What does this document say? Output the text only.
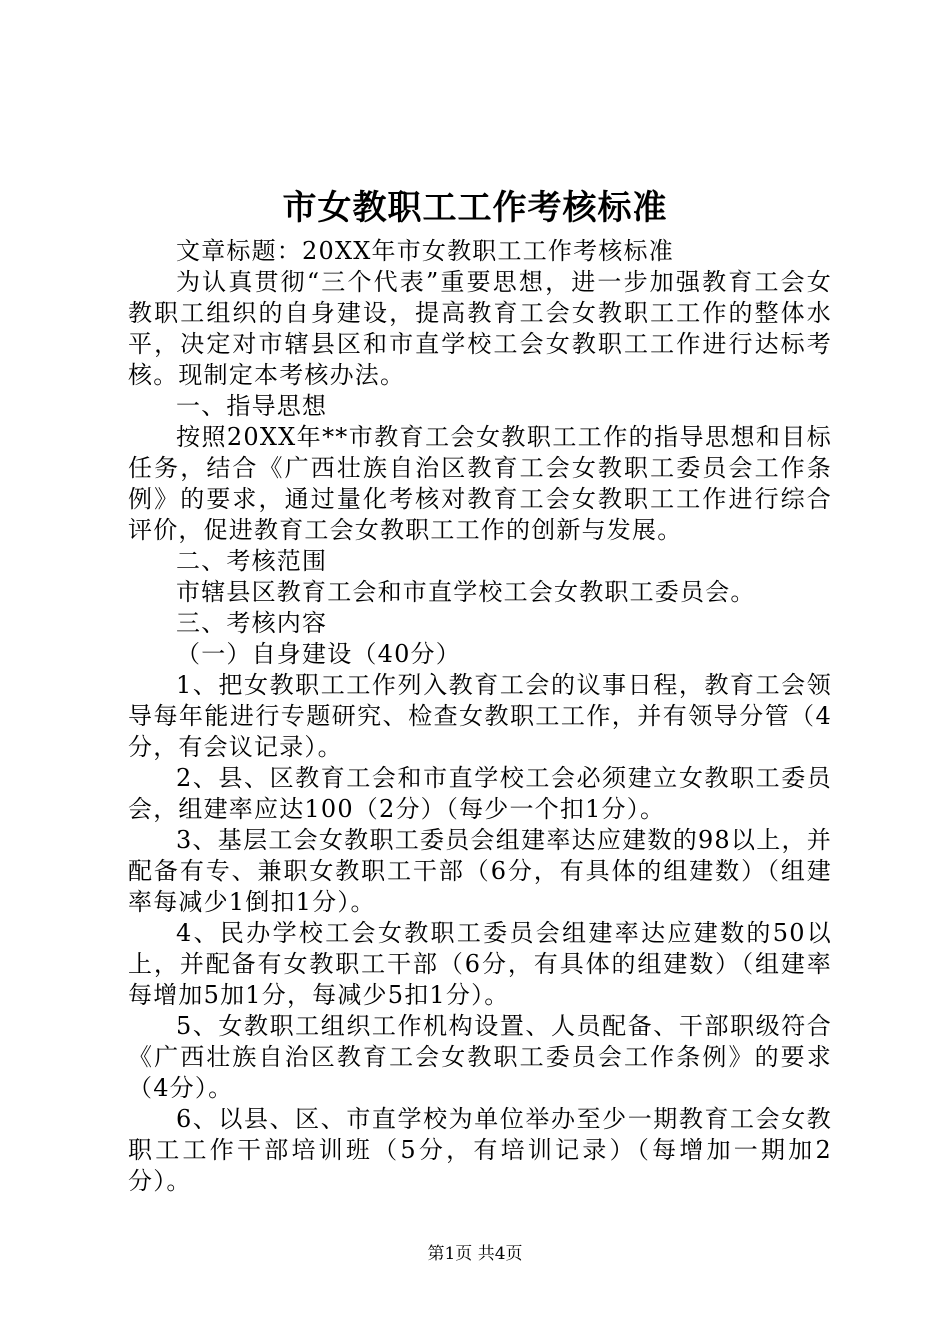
市女教职工工作考核标准

文章标题：20XX年市女教职工工作考核标准

为认真贯彻“三个代表”重要思想，进一步加强教育工会女教职工组织的自身建设，提高教育工会女教职工工作的整体水平，决定对市辖县区和市直学校工会女教职工工作进行达标考核。现制定本考核办法。

一、指导思想

按照20XX年**市教育工会女教职工工作的指导思想和目标任务，结合《广西壮族自治区教育工会女教职工委员会工作条例》的要求，通过量化考核对教育工会女教职工工作进行综合评价，促进教育工会女教职工工作的创新与发展。

二、考核范围

市辖县区教育工会和市直学校工会女教职工委员会。

三、考核内容

（一）自身建设（40分）

1、把女教职工工作列入教育工会的议事日程，教育工会领导每年能进行专题研究、检查女教职工工作，并有领导分管（4分，有会议记录）。

2、县、区教育工会和市直学校工会必须建立女教职工委员会，组建率应达100（2分）（每少一个扣1分）。

3、基层工会女教职工委员会组建率达应建数的98以上，并配备有专、兼职女教职工干部（6分，有具体的组建数）（组建率每减少1倒扣1分）。

4、民办学校工会女教职工委员会组建率达应建数的50以上，并配备有女教职工干部（6分，有具体的组建数）（组建率每增加5加1分，每减少5扣1分）。

5、女教职工组织工作机构设置、人员配备、干部职级符合《广西壮族自治区教育工会女教职工委员会工作条例》的要求（4分）。

6、以县、区、市直学校为单位举办至少一期教育工会女教职工工作干部培训班（5分，有培训记录）（每增加一期加2分）。

第1页 共4页
